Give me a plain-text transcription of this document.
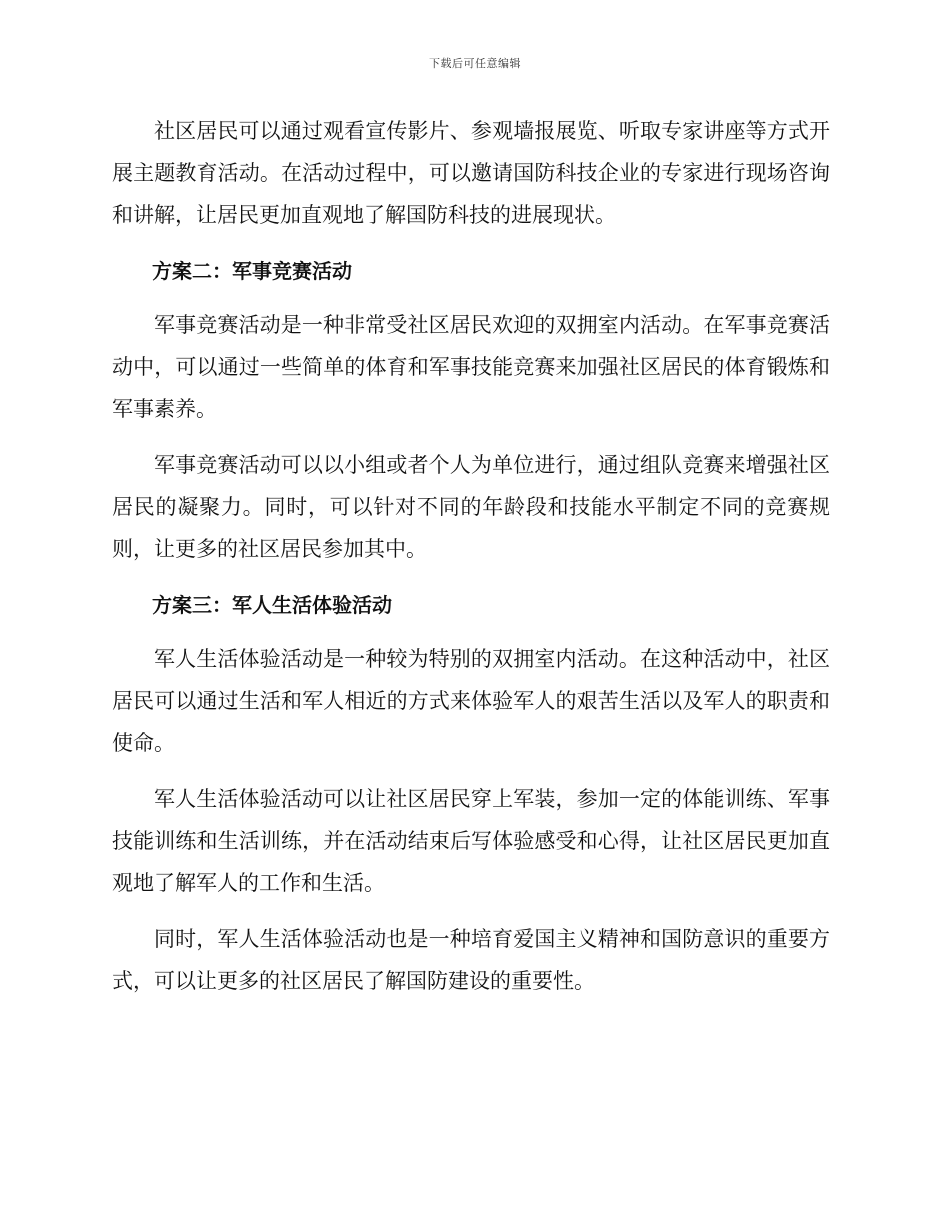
下载后可任意编辑

社区居民可以通过观看宣传影片、参观墙报展览、听取专家讲座等方式开展主题教育活动。在活动过程中，可以邀请国防科技企业的专家进行现场咨询和讲解，让居民更加直观地了解国防科技的进展现状。

方案二：军事竞赛活动

军事竞赛活动是一种非常受社区居民欢迎的双拥室内活动。在军事竞赛活动中，可以通过一些简单的体育和军事技能竞赛来加强社区居民的体育锻炼和军事素养。

军事竞赛活动可以以小组或者个人为单位进行，通过组队竞赛来增强社区居民的凝聚力。同时，可以针对不同的年龄段和技能水平制定不同的竞赛规则，让更多的社区居民参加其中。

方案三：军人生活体验活动

军人生活体验活动是一种较为特别的双拥室内活动。在这种活动中，社区居民可以通过生活和军人相近的方式来体验军人的艰苦生活以及军人的职责和使命。

军人生活体验活动可以让社区居民穿上军装，参加一定的体能训练、军事技能训练和生活训练，并在活动结束后写体验感受和心得，让社区居民更加直观地了解军人的工作和生活。

同时，军人生活体验活动也是一种培育爱国主义精神和国防意识的重要方式，可以让更多的社区居民了解国防建设的重要性。
